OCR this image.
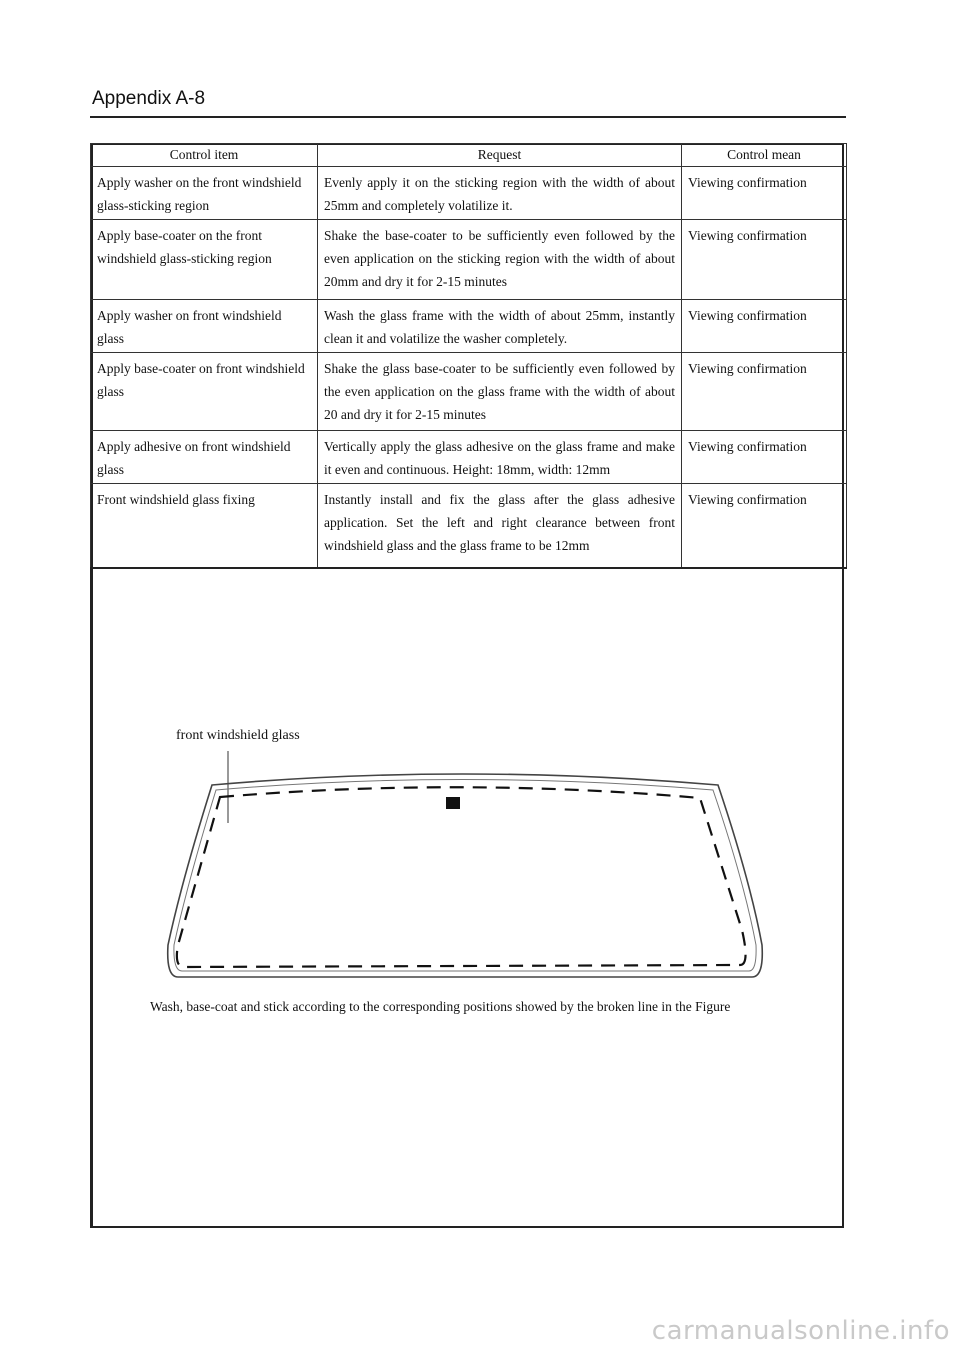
Appendix A-8
Control item	Request	Control mean
Apply washer on the front windshield glass-sticking region	Evenly apply it on the sticking region with the width of about 25mm and completely volatilize it.	Viewing confirmation
Apply base-coater on the front windshield glass-sticking region	Shake the base-coater to be sufficiently even followed by the even application on the sticking region with the width of about 20mm and dry it for 2-15 minutes	Viewing confirmation
Apply washer on front windshield glass	Wash the glass frame with the width of about 25mm, instantly clean it and volatilize the washer completely.	Viewing confirmation
Apply base-coater on front windshield glass	Shake the glass base-coater to be sufficiently even followed by the even application on the glass frame with the width of about 20 and dry it for 2-15 minutes	Viewing confirmation
Apply adhesive on front windshield glass	Vertically apply the glass adhesive on the glass frame and make it even and continuous. Height: 18mm, width: 12mm	Viewing confirmation
Front windshield glass fixing	Instantly install and fix the glass after the glass adhesive application. Set the left and right clearance between front windshield glass and the glass frame to be 12mm	Viewing confirmation
front windshield glass
Wash, base-coat and stick according to the corresponding positions showed by the broken line in the Figure
carmanualsonline.info
